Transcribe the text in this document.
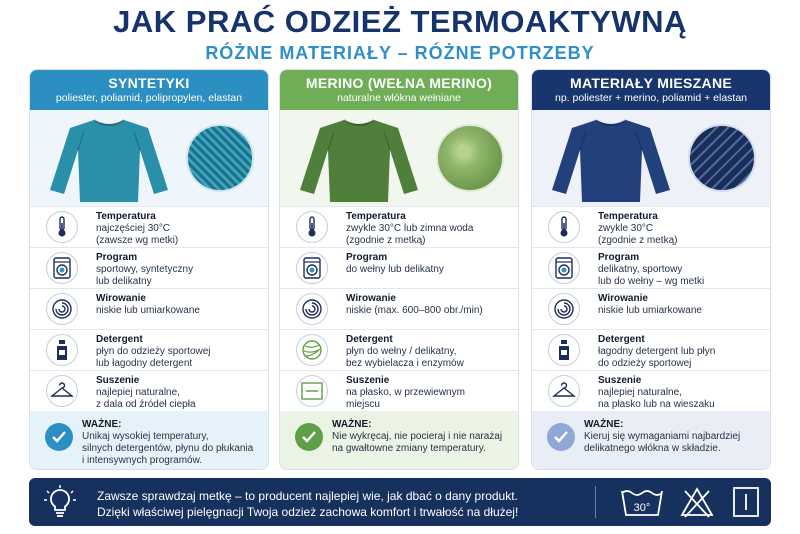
JAK PRAĆ ODZIEŻ TERMOAKTYWNĄ
RÓŻNE MATERIAŁY – RÓŻNE POTRZEBY
SYNTETYKI
poliester, poliamid, polipropylen, elastan
Temperatura
najczęściej 30°C
(zawsze wg metki)
Program
sportowy, syntetyczny
lub delikatny
Wirowanie
niskie lub umiarkowane
Detergent
płyn do odzieży sportowej
lub łagodny detergent
Suszenie
najlepiej naturalne,
z dala od źródeł ciepła
WAŻNE:
Unikaj wysokiej temperatury,
silnych detergentów, płynu do płukania
i intensywnych programów.
MERINO (WEŁNA MERINO)
naturalne włókna wełniane
Temperatura
zwykle 30°C lub zimna woda
(zgodnie z metką)
Program
do wełny lub delikatny
Wirowanie
niskie (max. 600–800 obr./min)
Detergent
płyn do wełny / delikatny,
bez wybielacza i enzymów
Suszenie
na płasko, w przewiewnym
miejscu
WAŻNE:
Nie wykręcaj, nie pocieraj i nie narażaj
na gwałtowne zmiany temperatury.
MATERIAŁY MIESZANE
np. poliester + merino, poliamid + elastan
Temperatura
zwykle 30°C
(zgodnie z metką)
Program
delikatny, sportowy
lub do wełny – wg metki
Wirowanie
niskie lub umiarkowane
Detergent
łagodny detergent lub płyn
do odzieży sportowej
Suszenie
najlepiej naturalne,
na płasko lub na wieszaku
WAŻNE:
Kieruj się wymaganiami najbardziej
delikatnego włókna w składzie.
Zawsze sprawdzaj metkę – to producent najlepiej wie, jak dbać o dany produkt.
Dzięki właściwej pielęgnacji Twoja odzież zachowa komfort i trwałość na dłużej!	30°
